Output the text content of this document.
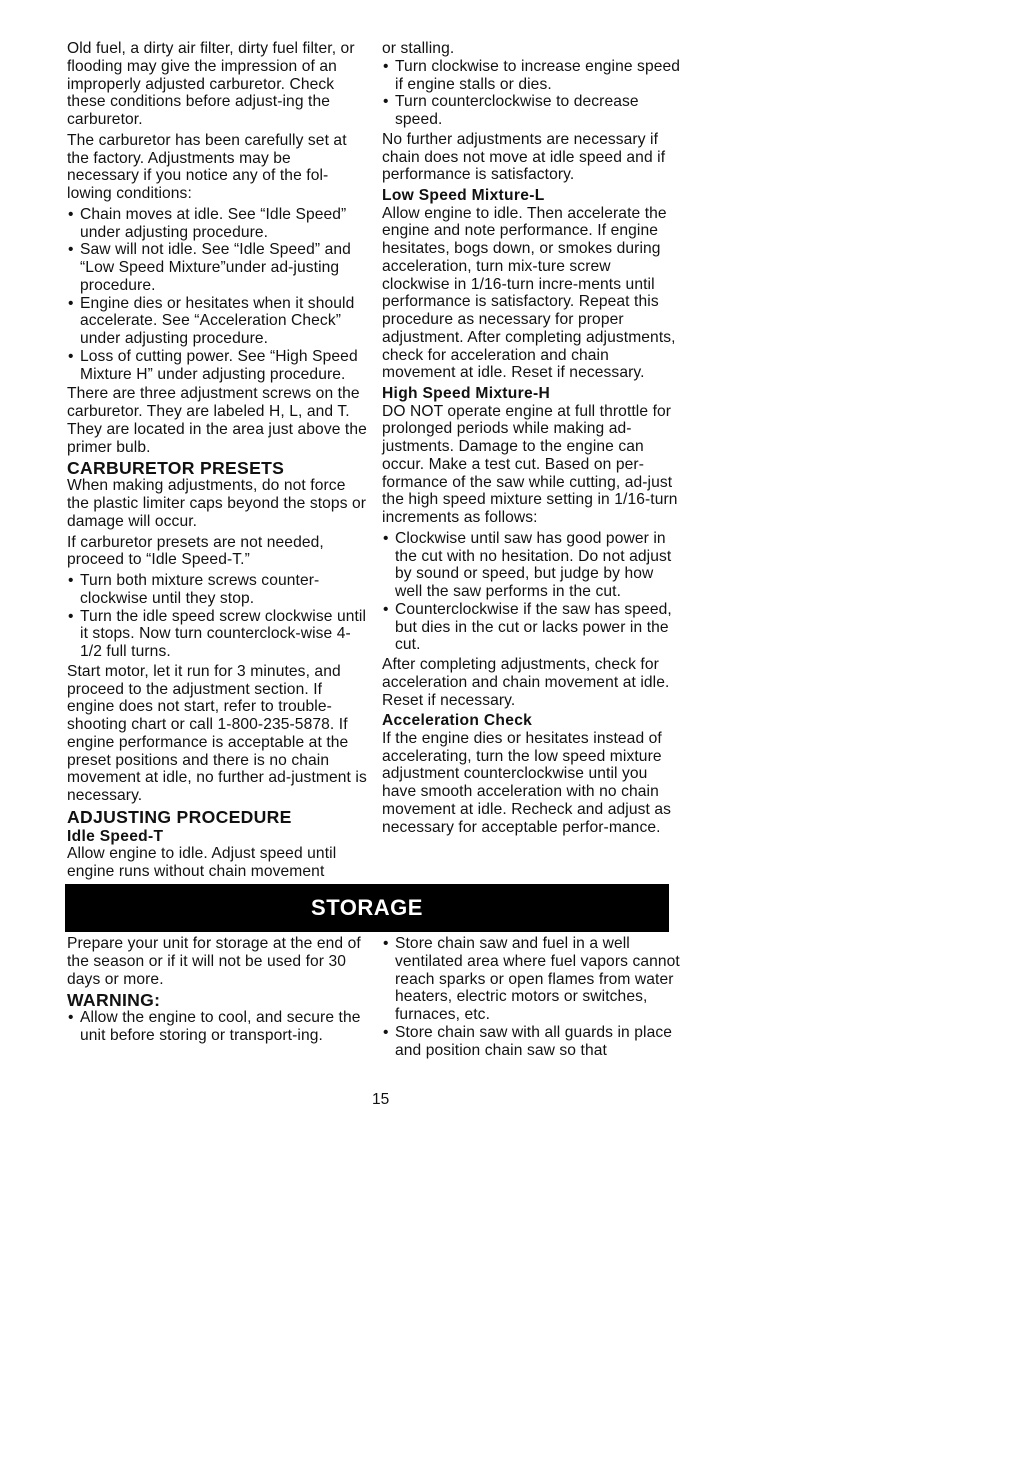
Old fuel, a dirty air filter, dirty fuel filter, or flooding may give the impression of an improperly adjusted carburetor. Check these conditions before adjust-ing the carburetor.

The carburetor has been carefully set at the factory. Adjustments may be necessary if you notice any of the fol-lowing conditions:

• Chain moves at idle. See “Idle Speed” under adjusting procedure.
• Saw will not idle. See “Idle Speed” and “Low Speed Mixture”under ad-justing procedure.
• Engine dies or hesitates when it should accelerate. See “Acceleration Check” under adjusting procedure.
• Loss of cutting power. See “High Speed Mixture H” under adjusting procedure.

There are three adjustment screws on the carburetor. They are labeled H, L, and T. They are located in the area just above the primer bulb.

CARBURETOR PRESETS

When making adjustments, do not force the plastic limiter caps beyond the stops or damage will occur.

If carburetor presets are not needed, proceed to “Idle Speed-T.”

• Turn both mixture screws counter-clockwise until they stop.
• Turn the idle speed screw clockwise until it stops. Now turn counterclock-wise 4-1/2 full turns.

Start motor, let it run for 3 minutes, and proceed to the adjustment section. If engine does not start, refer to trouble-shooting chart or call 1-800-235-5878. If engine performance is acceptable at the preset positions and there is no chain movement at idle, no further ad-justment is necessary.

ADJUSTING PROCEDURE
Idle Speed-T

Allow engine to idle. Adjust speed until engine runs without chain movement

or stalling.

• Turn clockwise to increase engine speed if engine stalls or dies.
• Turn counterclockwise to decrease speed.

No further adjustments are necessary if chain does not move at idle speed and if performance is satisfactory.

Low Speed Mixture-L

Allow engine to idle. Then accelerate the engine and note performance. If engine hesitates, bogs down, or smokes during acceleration, turn mix-ture screw clockwise in 1/16-turn incre-ments until performance is satisfactory. Repeat this procedure as necessary for proper adjustment. After completing adjustments, check for acceleration and chain movement at idle. Reset if necessary.

High Speed Mixture-H

DO NOT operate engine at full throttle for prolonged periods while making ad-justments. Damage to the engine can occur. Make a test cut. Based on per-formance of the saw while cutting, ad-just the high speed mixture setting in 1/16-turn increments as follows:

• Clockwise until saw has good power in the cut with no hesitation. Do not adjust by sound or speed, but judge by how well the saw performs in the cut.
• Counterclockwise if the saw has speed, but dies in the cut or lacks power in the cut.

After completing adjustments, check for acceleration and chain movement at idle. Reset if necessary.

Acceleration Check

If the engine dies or hesitates instead of accelerating, turn the low speed mixture adjustment counterclockwise until you have smooth acceleration with no chain movement at idle. Recheck and adjust as necessary for acceptable perfor-mance.

STORAGE

Prepare your unit for storage at the end of the season or if it will not be used for 30 days or more.

WARNING:
• Allow the engine to cool, and secure the unit before storing or transport-ing.
• Store chain saw and fuel in a well ventilated area where fuel vapors cannot reach sparks or open flames from water heaters, electric motors or switches, furnaces, etc.
• Store chain saw with all guards in place and position chain saw so that
15
